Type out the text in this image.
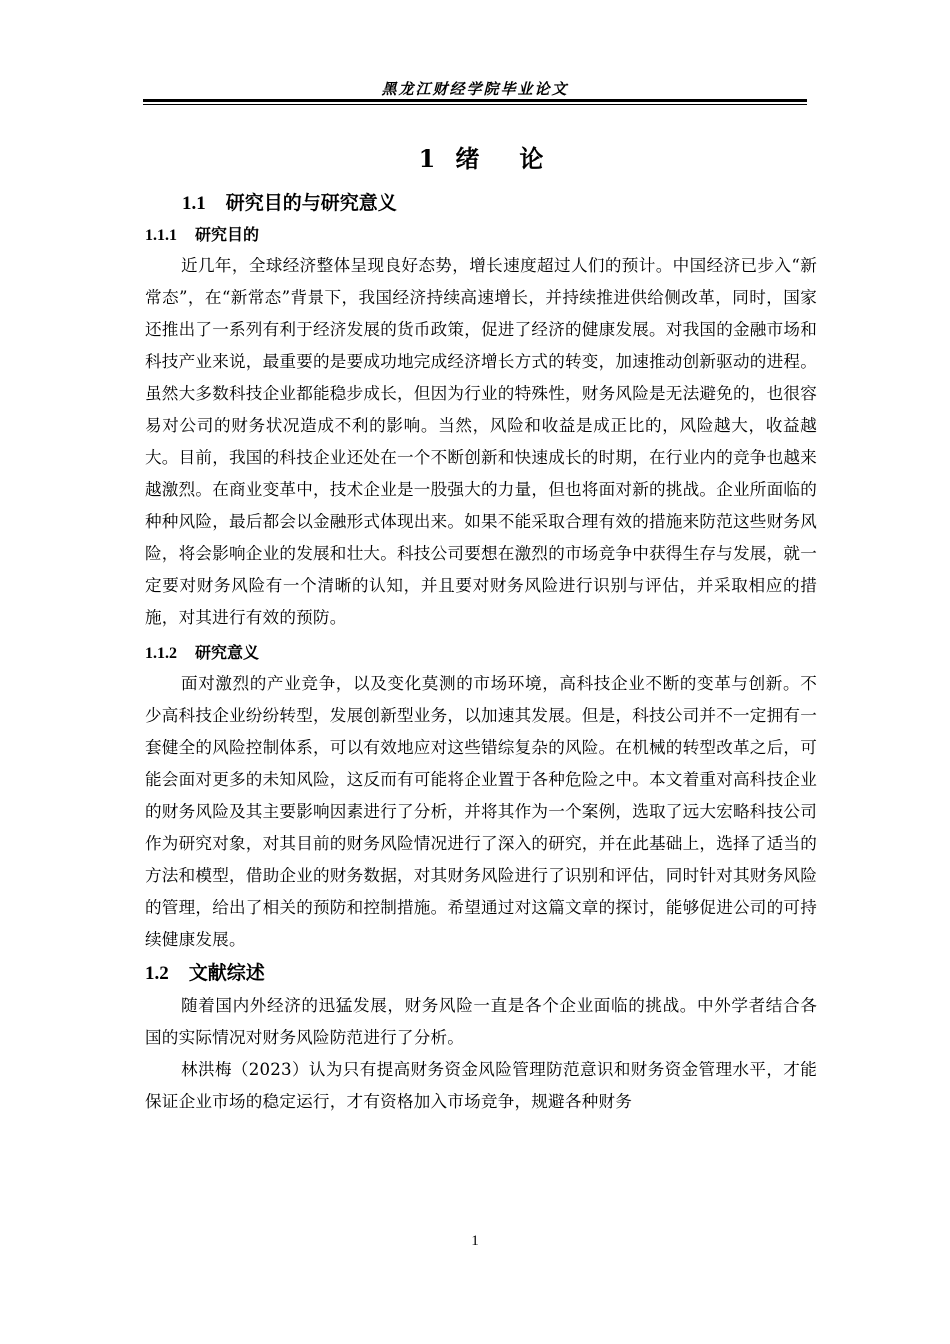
黑龙江财经学院毕业论文
1 绪 论
1.1 研究目的与研究意义
1.1.1 研究目的

近几年，全球经济整体呈现良好态势，增长速度超过人们的预计。中国经济已步入“新常态”，在“新常态”背景下，我国经济持续高速增长，并持续推进供给侧改革，同时，国家还推出了一系列有利于经济发展的货币政策，促进了经济的健康发展。对我国的金融市场和科技产业来说，最重要的是要成功地完成经济增长方式的转变，加速推动创新驱动的进程。虽然大多数科技企业都能稳步成长，但因为行业的特殊性，财务风险是无法避免的，也很容易对公司的财务状况造成不利的影响。当然，风险和收益是成正比的，风险越大，收益越大。目前，我国的科技企业还处在一个不断创新和快速成长的时期，在行业内的竞争也越来越激烈。在商业变革中，技术企业是一股强大的力量，但也将面对新的挑战。企业所面临的种种风险，最后都会以金融形式体现出来。如果不能采取合理有效的措施来防范这些财务风险，将会影响企业的发展和壮大。科技公司要想在激烈的市场竞争中获得生存与发展，就一定要对财务风险有一个清晰的认知，并且要对财务风险进行识别与评估，并采取相应的措施，对其进行有效的预防。

1.1.2 研究意义

面对激烈的产业竞争，以及变化莫测的市场环境，高科技企业不断的变革与创新。不少高科技企业纷纷转型，发展创新型业务，以加速其发展。但是，科技公司并不一定拥有一套健全的风险控制体系，可以有效地应对这些错综复杂的风险。在机械的转型改革之后，可能会面对更多的未知风险，这反而有可能将企业置于各种危险之中。本文着重对高科技企业的财务风险及其主要影响因素进行了分析，并将其作为一个案例，选取了远大宏略科技公司作为研究对象，对其目前的财务风险情况进行了深入的研究，并在此基础上，选择了适当的方法和模型，借助企业的财务数据，对其财务风险进行了识别和评估，同时针对其财务风险的管理，给出了相关的预防和控制措施。希望通过对这篇文章的探讨，能够促进公司的可持续健康发展。

1.2 文献综述

随着国内外经济的迅猛发展，财务风险一直是各个企业面临的挑战。中外学者结合各国的实际情况对财务风险防范进行了分析。

林洪梅（2023）认为只有提高财务资金风险管理防范意识和财务资金管理水平，才能保证企业市场的稳定运行，才有资格加入市场竞争，规避各种财务

1
